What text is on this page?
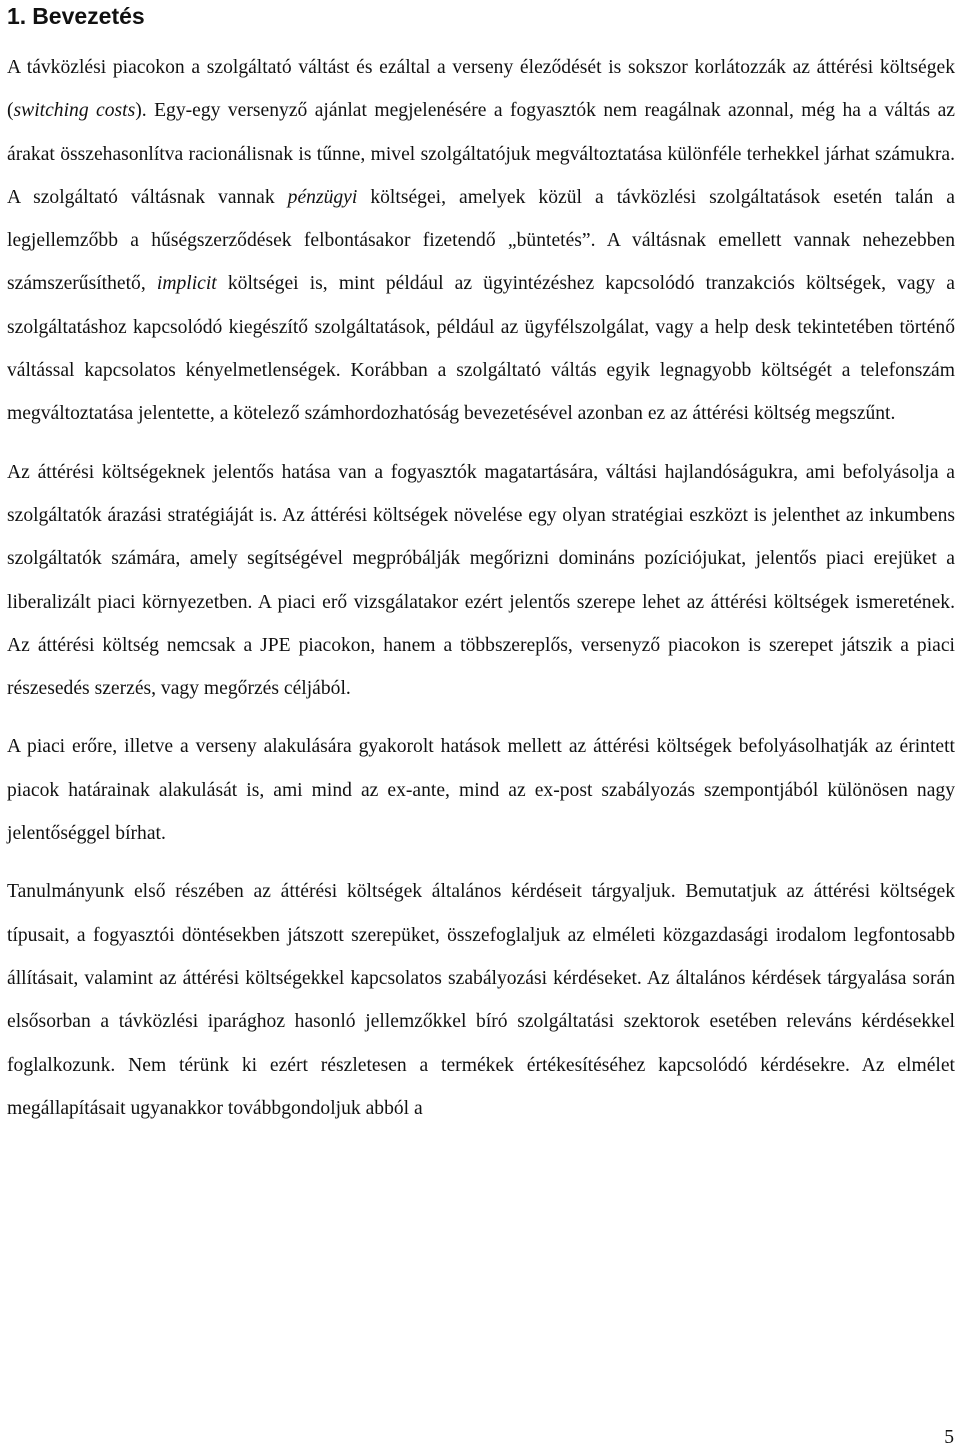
1. Bevezetés

A távközlési piacokon a szolgáltató váltást és ezáltal a verseny éleződését is sokszor korlátozzák az áttérési költségek (switching costs). Egy-egy versenyző ajánlat megjelenésére a fogyasztók nem reagálnak azonnal, még ha a váltás az árakat összehasonlítva racionálisnak is tűnne, mivel szolgáltatójuk megváltoztatása különféle terhekkel járhat számukra. A szolgáltató váltásnak vannak pénzügyi költségei, amelyek közül a távközlési szolgáltatások esetén talán a legjellemzőbb a hűségszerződések felbontásakor fizetendő „büntetés”. A váltásnak emellett vannak nehezebben számszerűsíthető, implicit költségei is, mint például az ügyintézéshez kapcsolódó tranzakciós költségek, vagy a szolgáltatáshoz kapcsolódó kiegészítő szolgáltatások, például az ügyfélszolgálat, vagy a help desk tekintetében történő váltással kapcsolatos kényelmetlenségek. Korábban a szolgáltató váltás egyik legnagyobb költségét a telefonszám megváltoztatása jelentette, a kötelező számhordozhatóság bevezetésével azonban ez az áttérési költség megszűnt.

Az áttérési költségeknek jelentős hatása van a fogyasztók magatartására, váltási hajlandóságukra, ami befolyásolja a szolgáltatók árazási stratégiáját is. Az áttérési költségek növelése egy olyan stratégiai eszközt is jelenthet az inkumbens szolgáltatók számára, amely segítségével megpróbálják megőrizni domináns pozíciójukat, jelentős piaci erejüket a liberalizált piaci környezetben. A piaci erő vizsgálatakor ezért jelentős szerepe lehet az áttérési költségek ismeretének. Az áttérési költség nemcsak a JPE piacokon, hanem a többszereplős, versenyző piacokon is szerepet játszik a piaci részesedés szerzés, vagy megőrzés céljából.

A piaci erőre, illetve a verseny alakulására gyakorolt hatások mellett az áttérési költségek befolyásolhatják az érintett piacok határainak alakulását is, ami mind az ex-ante, mind az ex-post szabályozás szempontjából különösen nagy jelentőséggel bírhat.

Tanulmányunk első részében az áttérési költségek általános kérdéseit tárgyaljuk. Bemutatjuk az áttérési költségek típusait, a fogyasztói döntésekben játszott szerepüket, összefoglaljuk az elméleti közgazdasági irodalom legfontosabb állításait, valamint az áttérési költségekkel kapcsolatos szabályozási kérdéseket. Az általános kérdések tárgyalása során elsősorban a távközlési iparághoz hasonló jellemzőkkel bíró szolgáltatási szektorok esetében releváns kérdésekkel foglalkozunk. Nem térünk ki ezért részletesen a termékek értékesítéséhez kapcsolódó kérdésekre. Az elmélet megállapításait ugyanakkor továbbgondoljuk abból a

5
